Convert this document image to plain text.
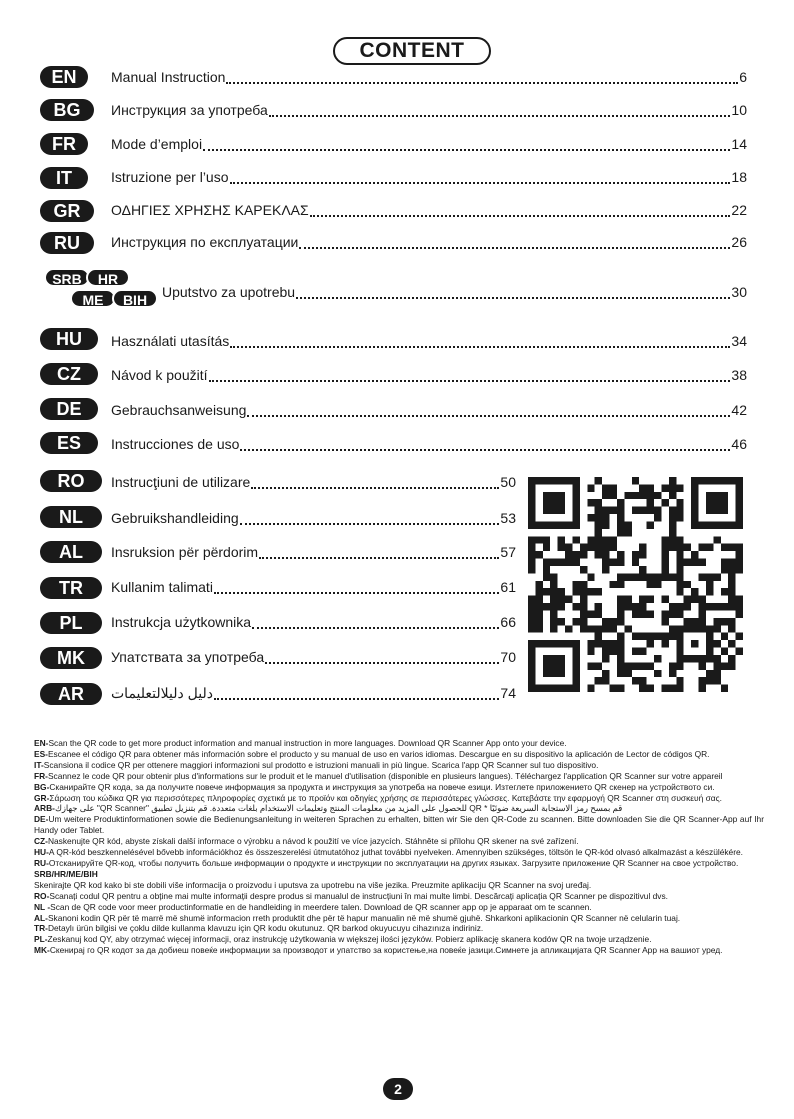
CONTENT
EN	Manual Instruction	6
BG	Инструкция за употреба	10
FR	Mode d’emploi	14
IT	Istruzione per l’uso	18
GR	ΟΔΗΓΙΕΣ ΧΡΗΣΗΣ ΚΑΡΕΚΛΑΣ	22
RU	Инструкция по експлуатации	26
SRB	HR
ME	BIH	Uputstvo za upotrebu	30
HU	Használati utasítás	34
CZ	Návod k použití	38
DE	Gebrauchsanweisung	42
ES	Instrucciones de uso	46
RO	Instrucţiuni de utilizare	50
NL	Gebruikshandleiding	53
AL	Insruksion për përdorim	57
TR	Kullanim talimati	61
PL	Instrukcja użytkownika	66
MK	Упатствата за употреба	70
AR	دليل دليلالتعليمات	74
EN-Scan the QR code to get more product information and manual instruction in more languages. Download QR Scanner App onto your device.
ES-Escanee el código QR para obtener más información sobre el producto y su manual de uso en varios idiomas. Descargue en su dispositivo la aplicación de Lector de códigos QR.
IT-Scansiona il codice QR per ottenere maggiori informazioni sul prodotto e istruzioni manuali in più lingue. Scarica l'app QR Scanner sul tuo dispositivo.
FR-Scannez le code QR pour obtenir plus d'informations sur le produit et le manuel d'utilisation (disponible en plusieurs langues). Téléchargez l'application QR Scanner sur votre appareil
BG-Сканирайте QR кода, за да получите повече информация за продукта и инструкция за употреба на повече езици. Изтеглете приложението QR скенер на устройството си.
GR-Σάρωση του κώδικα QR για περισσότερες πληροφορίες σχετικά με το προϊόν και οδηγίες χρήσης σε περισσότερες γλώσσες. Κατεβάστε την εφαρμογή QR Scanner στη συσκευή σας.
ARB-على جهازك "QR Scanner" للحصول على المزيد من معلومات المنتج وتعليمات الاستخدام بلغات متعددة. قم بتنزيل تطبيق QR * قم بمسح رمز الاستجابة السريعة ضوئيًا
DE-Um weitere Produktinformationen sowie die Bedienungsanleitung in weiteren Sprachen zu erhalten, bitten wir Sie den QR-Code zu scannen. Bitte downloaden Sie die QR Scanner-App auf Ihr Handy oder Tablet.
CZ-Naskenujte QR kód, abyste získali další informace o výrobku a návod k použití ve více jazycích. Stáhněte si přílohu QR skener na své zařízení.
HU-A QR-kód beszkennelésével bővebb információkhoz és összeszerelési útmutatóhoz juthat további nyelveken. Amennyiben szükséges, töltsön le QR-kód olvasó alkalmazást a készülékére.
RU-Отсканируйте QR-код, чтобы получить больше информации о продукте и инструкции по эксплуатации на других языках. Загрузите приложение QR Scanner на свое устройство.
SRB/HR/ME/BIH
Skenirajte QR kod kako bi ste dobili više informacija o proizvodu i uputsva za upotrebu na više jezika. Preuzmite aplikaciju QR Scanner na svoj uređaj.
RO-Scanați codul QR pentru a obține mai multe informații despre produs si manualul de instrucțiuni în mai multe limbi. Descărcați aplicația QR Scanner pe dispozitivul dvs.
NL -Scan de QR code voor meer productinformatie en de handleiding in meerdere talen. Download de QR scanner app op je apparaat om te scannen.
AL-Skanoni kodin QR për të marrë më shumë informacion rreth produktit dhe për të hapur manualin në më shumë gjuhë. Shkarkoni aplikacionin QR Scanner në celularin tuaj.
TR-Detaylı ürün bilgisi ve çoklu dilde kullanma klavuzu için QR kodu okutunuz. QR barkod okuyucuyu cihazınıza indiriniz.
PL-Zeskanuj kod QY, aby otrzymać więcej informacji, oraz instrukcję użytkowania w większej ilości języków. Pobierz aplikację skanera kodów QR na twoje urządzenie.
MK-Скенирај го QR кодот за да добиеш повеќе информации за производот и упатство за користење,на повеќе јазици.Симнете ја апликацијата QR Scanner App на вашиот уред.
2
